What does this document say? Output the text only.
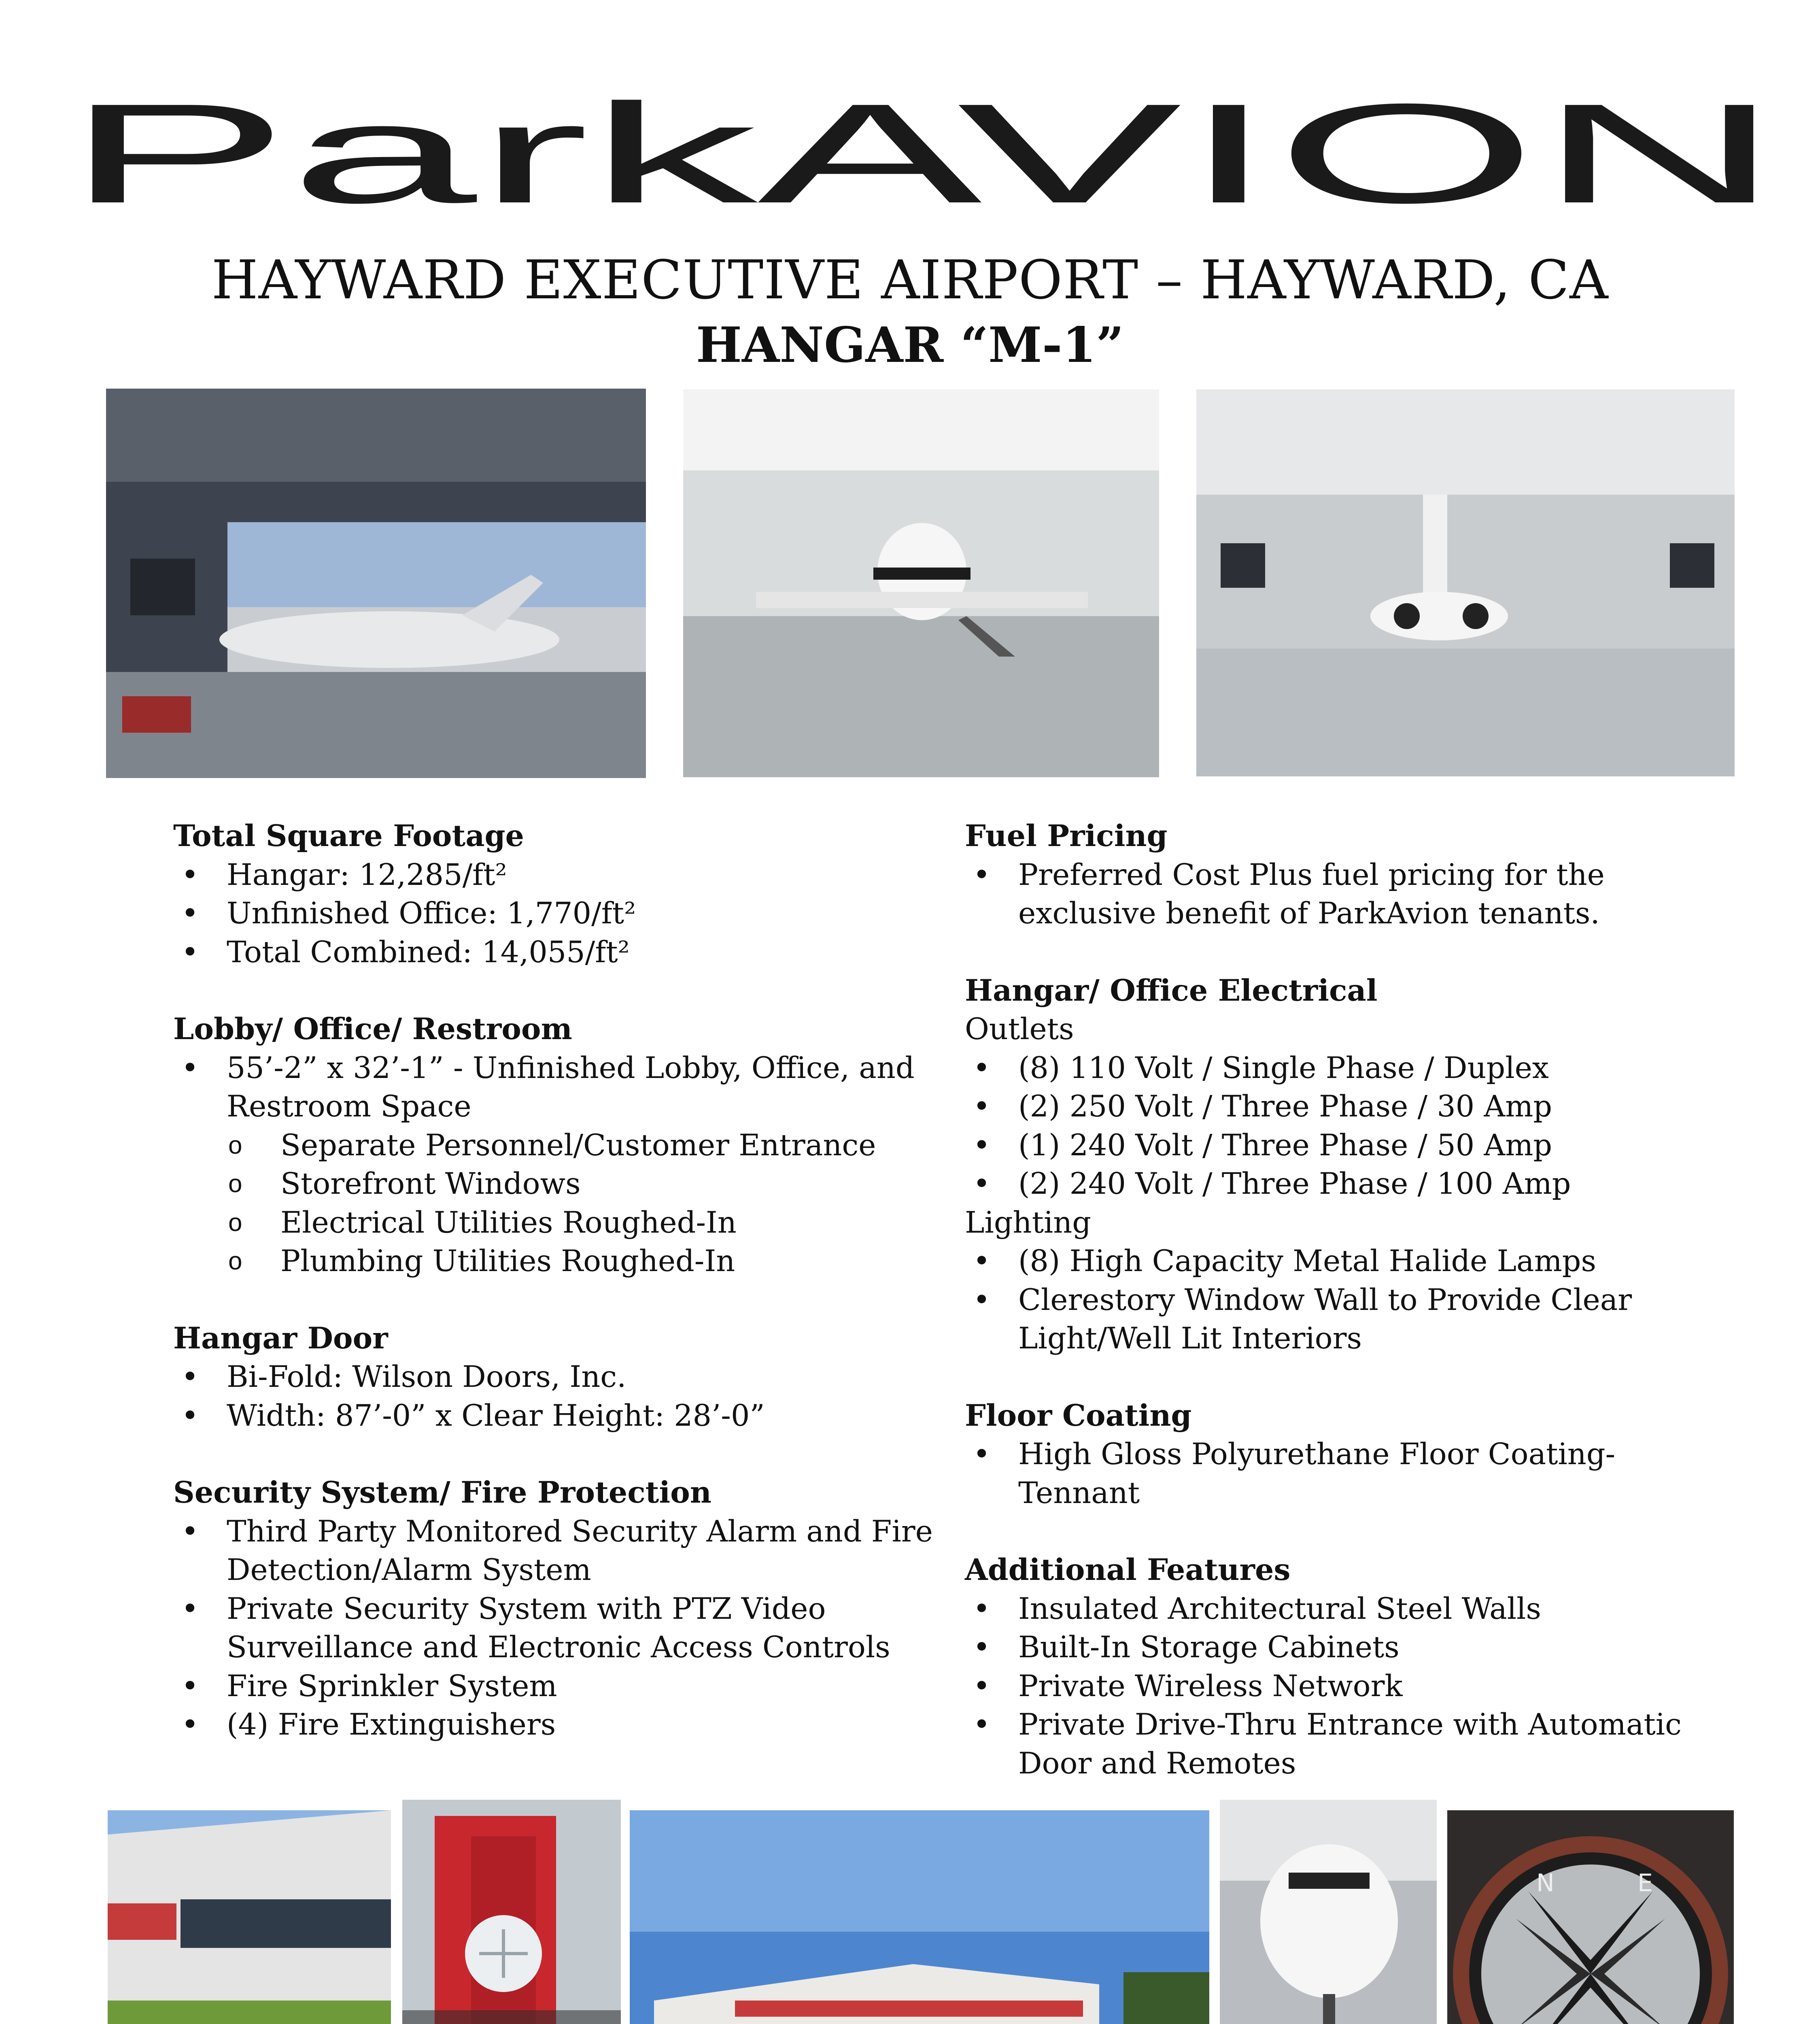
ParkAVION
HAYWARD EXECUTIVE AIRPORT – HAYWARD, CA
HANGAR “M-1”

Total Square Footage

• Hangar: 12,285/ft²
• Unfinished Office: 1,770/ft²
• Total Combined: 14,055/ft²

Lobby/ Office/ Restroom

• 55’-2” x 32’-1” - Unfinished Lobby, Office, and Restroom Space
o Separate Personnel/Customer Entrance
o Storefront Windows
o Electrical Utilities Roughed-In
o Plumbing Utilities Roughed-In

Hangar Door

• Bi-Fold: Wilson Doors, Inc.
• Width: 87’-0” x Clear Height: 28’-0”

Security System/ Fire Protection

• Third Party Monitored Security Alarm and Fire Detection/Alarm System
• Private Security System with PTZ Video Surveillance and Electronic Access Controls
• Fire Sprinkler System
• (4) Fire Extinguishers

Fuel Pricing

• Preferred Cost Plus fuel pricing for the exclusive benefit of ParkAvion tenants.

Hangar/ Office Electrical

Outlets

• (8) 110 Volt / Single Phase / Duplex
• (2) 250 Volt / Three Phase / 30 Amp
• (1) 240 Volt / Three Phase / 50 Amp
• (2) 240 Volt / Three Phase / 100 Amp

Lighting

• (8) High Capacity Metal Halide Lamps
• Clerestory Window Wall to Provide Clear Light/Well Lit Interiors

Floor Coating

• High Gloss Polyurethane Floor Coating- Tennant

Additional Features

• Insulated Architectural Steel Walls
• Built-In Storage Cabinets
• Private Wireless Network
• Private Drive-Thru Entrance with Automatic Door and Remotes
N	E
